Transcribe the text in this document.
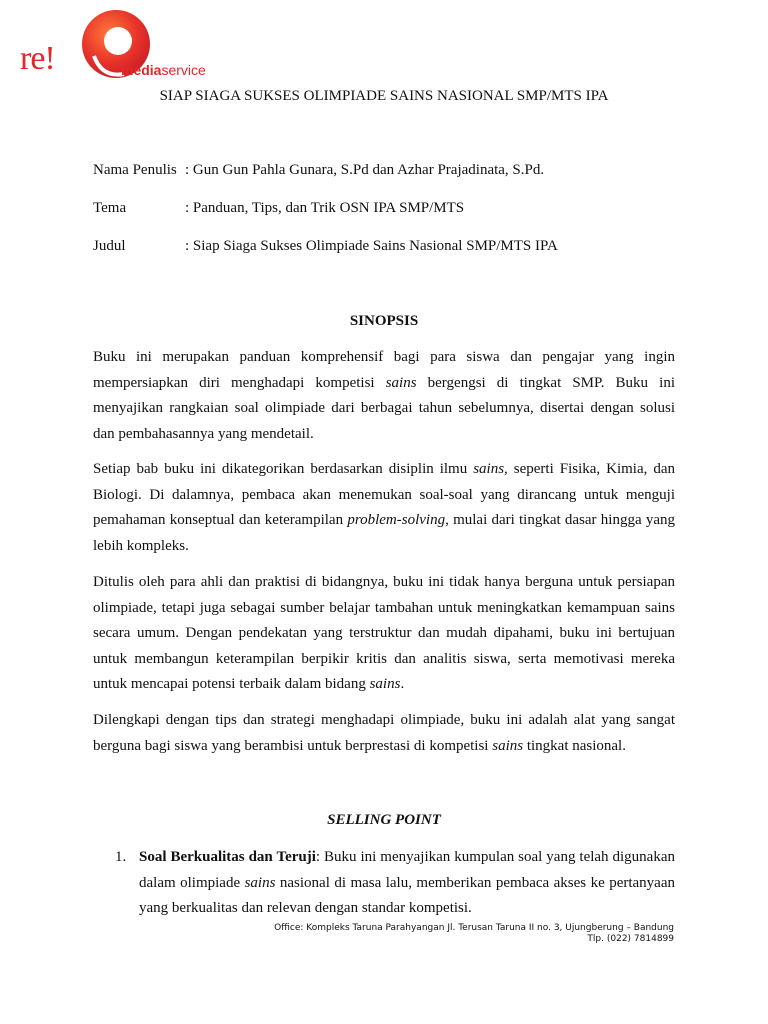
re!	mediaservice
SIAP SIAGA SUKSES OLIMPIADE SAINS NASIONAL SMP/MTS IPA
Nama Penulis : Gun Gun Pahla Gunara, S.Pd dan Azhar Prajadinata, S.Pd.
Tema	: Panduan, Tips, dan Trik OSN IPA SMP/MTS
Judul	: Siap Siaga Sukses Olimpiade Sains Nasional SMP/MTS IPA
SINOPSIS

Buku ini merupakan panduan komprehensif bagi para siswa dan pengajar yang ingin mempersiapkan diri menghadapi kompetisi sains bergengsi di tingkat SMP. Buku ini menyajikan rangkaian soal olimpiade dari berbagai tahun sebelumnya, disertai dengan solusi dan pembahasannya yang mendetail.

Setiap bab buku ini dikategorikan berdasarkan disiplin ilmu sains, seperti Fisika, Kimia, dan Biologi. Di dalamnya, pembaca akan menemukan soal-soal yang dirancang untuk menguji pemahaman konseptual dan keterampilan problem-solving, mulai dari tingkat dasar hingga yang lebih kompleks.

Ditulis oleh para ahli dan praktisi di bidangnya, buku ini tidak hanya berguna untuk persiapan olimpiade, tetapi juga sebagai sumber belajar tambahan untuk meningkatkan kemampuan sains secara umum. Dengan pendekatan yang terstruktur dan mudah dipahami, buku ini bertujuan untuk membangun keterampilan berpikir kritis dan analitis siswa, serta memotivasi mereka untuk mencapai potensi terbaik dalam bidang sains.

Dilengkapi dengan tips dan strategi menghadapi olimpiade, buku ini adalah alat yang sangat berguna bagi siswa yang berambisi untuk berprestasi di kompetisi sains tingkat nasional.

SELLING POINT
1. Soal Berkualitas dan Teruji: Buku ini menyajikan kumpulan soal yang telah digunakan dalam olimpiade sains nasional di masa lalu, memberikan pembaca akses ke pertanyaan yang berkualitas dan relevan dengan standar kompetisi.
Office: Kompleks Taruna Parahyangan Jl. Terusan Taruna II no. 3, Ujungberung – Bandung
Tlp. (022) 7814899
